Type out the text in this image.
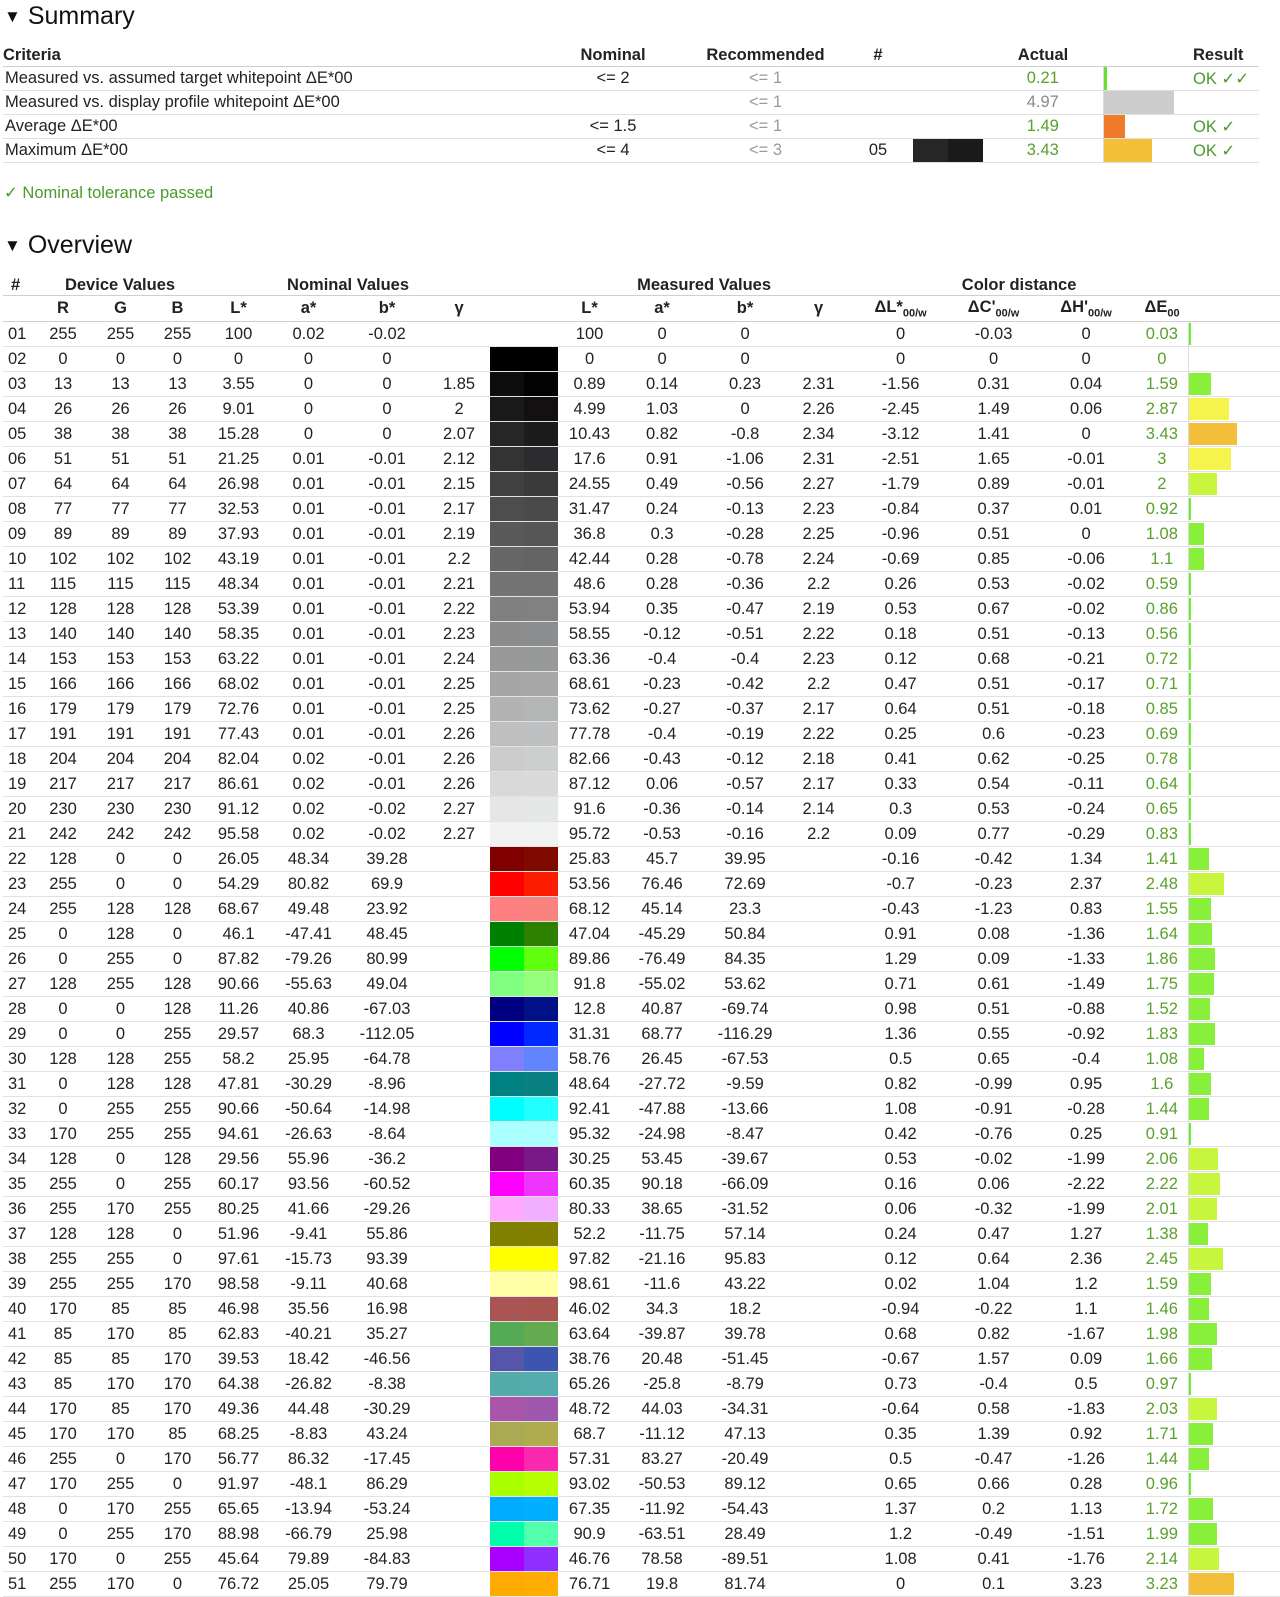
▼ Summary
Criteria	Nominal	Recommended	#		Actual		Result
Measured vs. assumed target whitepoint ΔE*00	<= 2	<= 1			0.21		OK ✓✓
Measured vs. display profile whitepoint ΔE*00		<= 1			4.97	

Average ΔE*00	<= 1.5	<= 1			1.49		OK ✓
Maximum ΔE*00	<= 4	<= 3	05		3.43		OK ✓
✓ Nominal tolerance passed
▼ Overview
#	Device Values			Nominal Values					Measured Values				Color distance				
	R	G	B	L*	a*	b*	γ		L*	a*	b*	γ	$\Delta L*_{00/w}$	$\Delta C'_{00/w}$	$\Delta H'_{00/w}$	$\Delta E_{00}$	
01	255	255	255	100	0.02	-0.02			100	0	0		0	-0.03	0	0.03	

02	0	0	0	0	0	0			0	0	0		0	0	0	0	
03	13	13	13	3.55	0	0	1.85		0.89	0.14	0.23	2.31	-1.56	0.31	0.04	1.59	

04	26	26	26	9.01	0	0	2		4.99	1.03	0	2.26	-2.45	1.49	0.06	2.87	

05	38	38	38	15.28	0	0	2.07		10.43	0.82	-0.8	2.34	-3.12	1.41	0	3.43	

06	51	51	51	21.25	0.01	-0.01	2.12		17.6	0.91	-1.06	2.31	-2.51	1.65	-0.01	3	

07	64	64	64	26.98	0.01	-0.01	2.15		24.55	0.49	-0.56	2.27	-1.79	0.89	-0.01	2	

08	77	77	77	32.53	0.01	-0.01	2.17		31.47	0.24	-0.13	2.23	-0.84	0.37	0.01	0.92	

09	89	89	89	37.93	0.01	-0.01	2.19		36.8	0.3	-0.28	2.25	-0.96	0.51	0	1.08	

10	102	102	102	43.19	0.01	-0.01	2.2		42.44	0.28	-0.78	2.24	-0.69	0.85	-0.06	1.1	

11	115	115	115	48.34	0.01	-0.01	2.21		48.6	0.28	-0.36	2.2	0.26	0.53	-0.02	0.59	

12	128	128	128	53.39	0.01	-0.01	2.22		53.94	0.35	-0.47	2.19	0.53	0.67	-0.02	0.86	

13	140	140	140	58.35	0.01	-0.01	2.23		58.55	-0.12	-0.51	2.22	0.18	0.51	-0.13	0.56	

14	153	153	153	63.22	0.01	-0.01	2.24		63.36	-0.4	-0.4	2.23	0.12	0.68	-0.21	0.72	

15	166	166	166	68.02	0.01	-0.01	2.25		68.61	-0.23	-0.42	2.2	0.47	0.51	-0.17	0.71	

16	179	179	179	72.76	0.01	-0.01	2.25		73.62	-0.27	-0.37	2.17	0.64	0.51	-0.18	0.85	

17	191	191	191	77.43	0.01	-0.01	2.26		77.78	-0.4	-0.19	2.22	0.25	0.6	-0.23	0.69	

18	204	204	204	82.04	0.02	-0.01	2.26		82.66	-0.43	-0.12	2.18	0.41	0.62	-0.25	0.78	

19	217	217	217	86.61	0.02	-0.01	2.26		87.12	0.06	-0.57	2.17	0.33	0.54	-0.11	0.64	

20	230	230	230	91.12	0.02	-0.02	2.27		91.6	-0.36	-0.14	2.14	0.3	0.53	-0.24	0.65	

21	242	242	242	95.58	0.02	-0.02	2.27		95.72	-0.53	-0.16	2.2	0.09	0.77	-0.29	0.83	

22	128	0	0	26.05	48.34	39.28			25.83	45.7	39.95		-0.16	-0.42	1.34	1.41	

23	255	0	0	54.29	80.82	69.9			53.56	76.46	72.69		-0.7	-0.23	2.37	2.48	

24	255	128	128	68.67	49.48	23.92			68.12	45.14	23.3		-0.43	-1.23	0.83	1.55	

25	0	128	0	46.1	-47.41	48.45			47.04	-45.29	50.84		0.91	0.08	-1.36	1.64	

26	0	255	0	87.82	-79.26	80.99			89.86	-76.49	84.35		1.29	0.09	-1.33	1.86	

27	128	255	128	90.66	-55.63	49.04			91.8	-55.02	53.62		0.71	0.61	-1.49	1.75	

28	0	0	128	11.26	40.86	-67.03			12.8	40.87	-69.74		0.98	0.51	-0.88	1.52	

29	0	0	255	29.57	68.3	-112.05			31.31	68.77	-116.29		1.36	0.55	-0.92	1.83	

30	128	128	255	58.2	25.95	-64.78			58.76	26.45	-67.53		0.5	0.65	-0.4	1.08	

31	0	128	128	47.81	-30.29	-8.96			48.64	-27.72	-9.59		0.82	-0.99	0.95	1.6	

32	0	255	255	90.66	-50.64	-14.98			92.41	-47.88	-13.66		1.08	-0.91	-0.28	1.44	

33	170	255	255	94.61	-26.63	-8.64			95.32	-24.98	-8.47		0.42	-0.76	0.25	0.91	

34	128	0	128	29.56	55.96	-36.2			30.25	53.45	-39.67		0.53	-0.02	-1.99	2.06	

35	255	0	255	60.17	93.56	-60.52			60.35	90.18	-66.09		0.16	0.06	-2.22	2.22	

36	255	170	255	80.25	41.66	-29.26			80.33	38.65	-31.52		0.06	-0.32	-1.99	2.01	

37	128	128	0	51.96	-9.41	55.86			52.2	-11.75	57.14		0.24	0.47	1.27	1.38	

38	255	255	0	97.61	-15.73	93.39			97.82	-21.16	95.83		0.12	0.64	2.36	2.45	

39	255	255	170	98.58	-9.11	40.68			98.61	-11.6	43.22		0.02	1.04	1.2	1.59	

40	170	85	85	46.98	35.56	16.98			46.02	34.3	18.2		-0.94	-0.22	1.1	1.46	

41	85	170	85	62.83	-40.21	35.27			63.64	-39.87	39.78		0.68	0.82	-1.67	1.98	

42	85	85	170	39.53	18.42	-46.56			38.76	20.48	-51.45		-0.67	1.57	0.09	1.66	

43	85	170	170	64.38	-26.82	-8.38			65.26	-25.8	-8.79		0.73	-0.4	0.5	0.97	

44	170	85	170	49.36	44.48	-30.29			48.72	44.03	-34.31		-0.64	0.58	-1.83	2.03	

45	170	170	85	68.25	-8.83	43.24			68.7	-11.12	47.13		0.35	1.39	0.92	1.71	

46	255	0	170	56.77	86.32	-17.45			57.31	83.27	-20.49		0.5	-0.47	-1.26	1.44	

47	170	255	0	91.97	-48.1	86.29			93.02	-50.53	89.12		0.65	0.66	0.28	0.96	

48	0	170	255	65.65	-13.94	-53.24			67.35	-11.92	-54.43		1.37	0.2	1.13	1.72	

49	0	255	170	88.98	-66.79	25.98			90.9	-63.51	28.49		1.2	-0.49	-1.51	1.99	

50	170	0	255	45.64	79.89	-84.83			46.76	78.58	-89.51		1.08	0.41	-1.76	2.14	

51	255	170	0	76.72	25.05	79.79			76.71	19.8	81.74		0	0.1	3.23	3.23	
